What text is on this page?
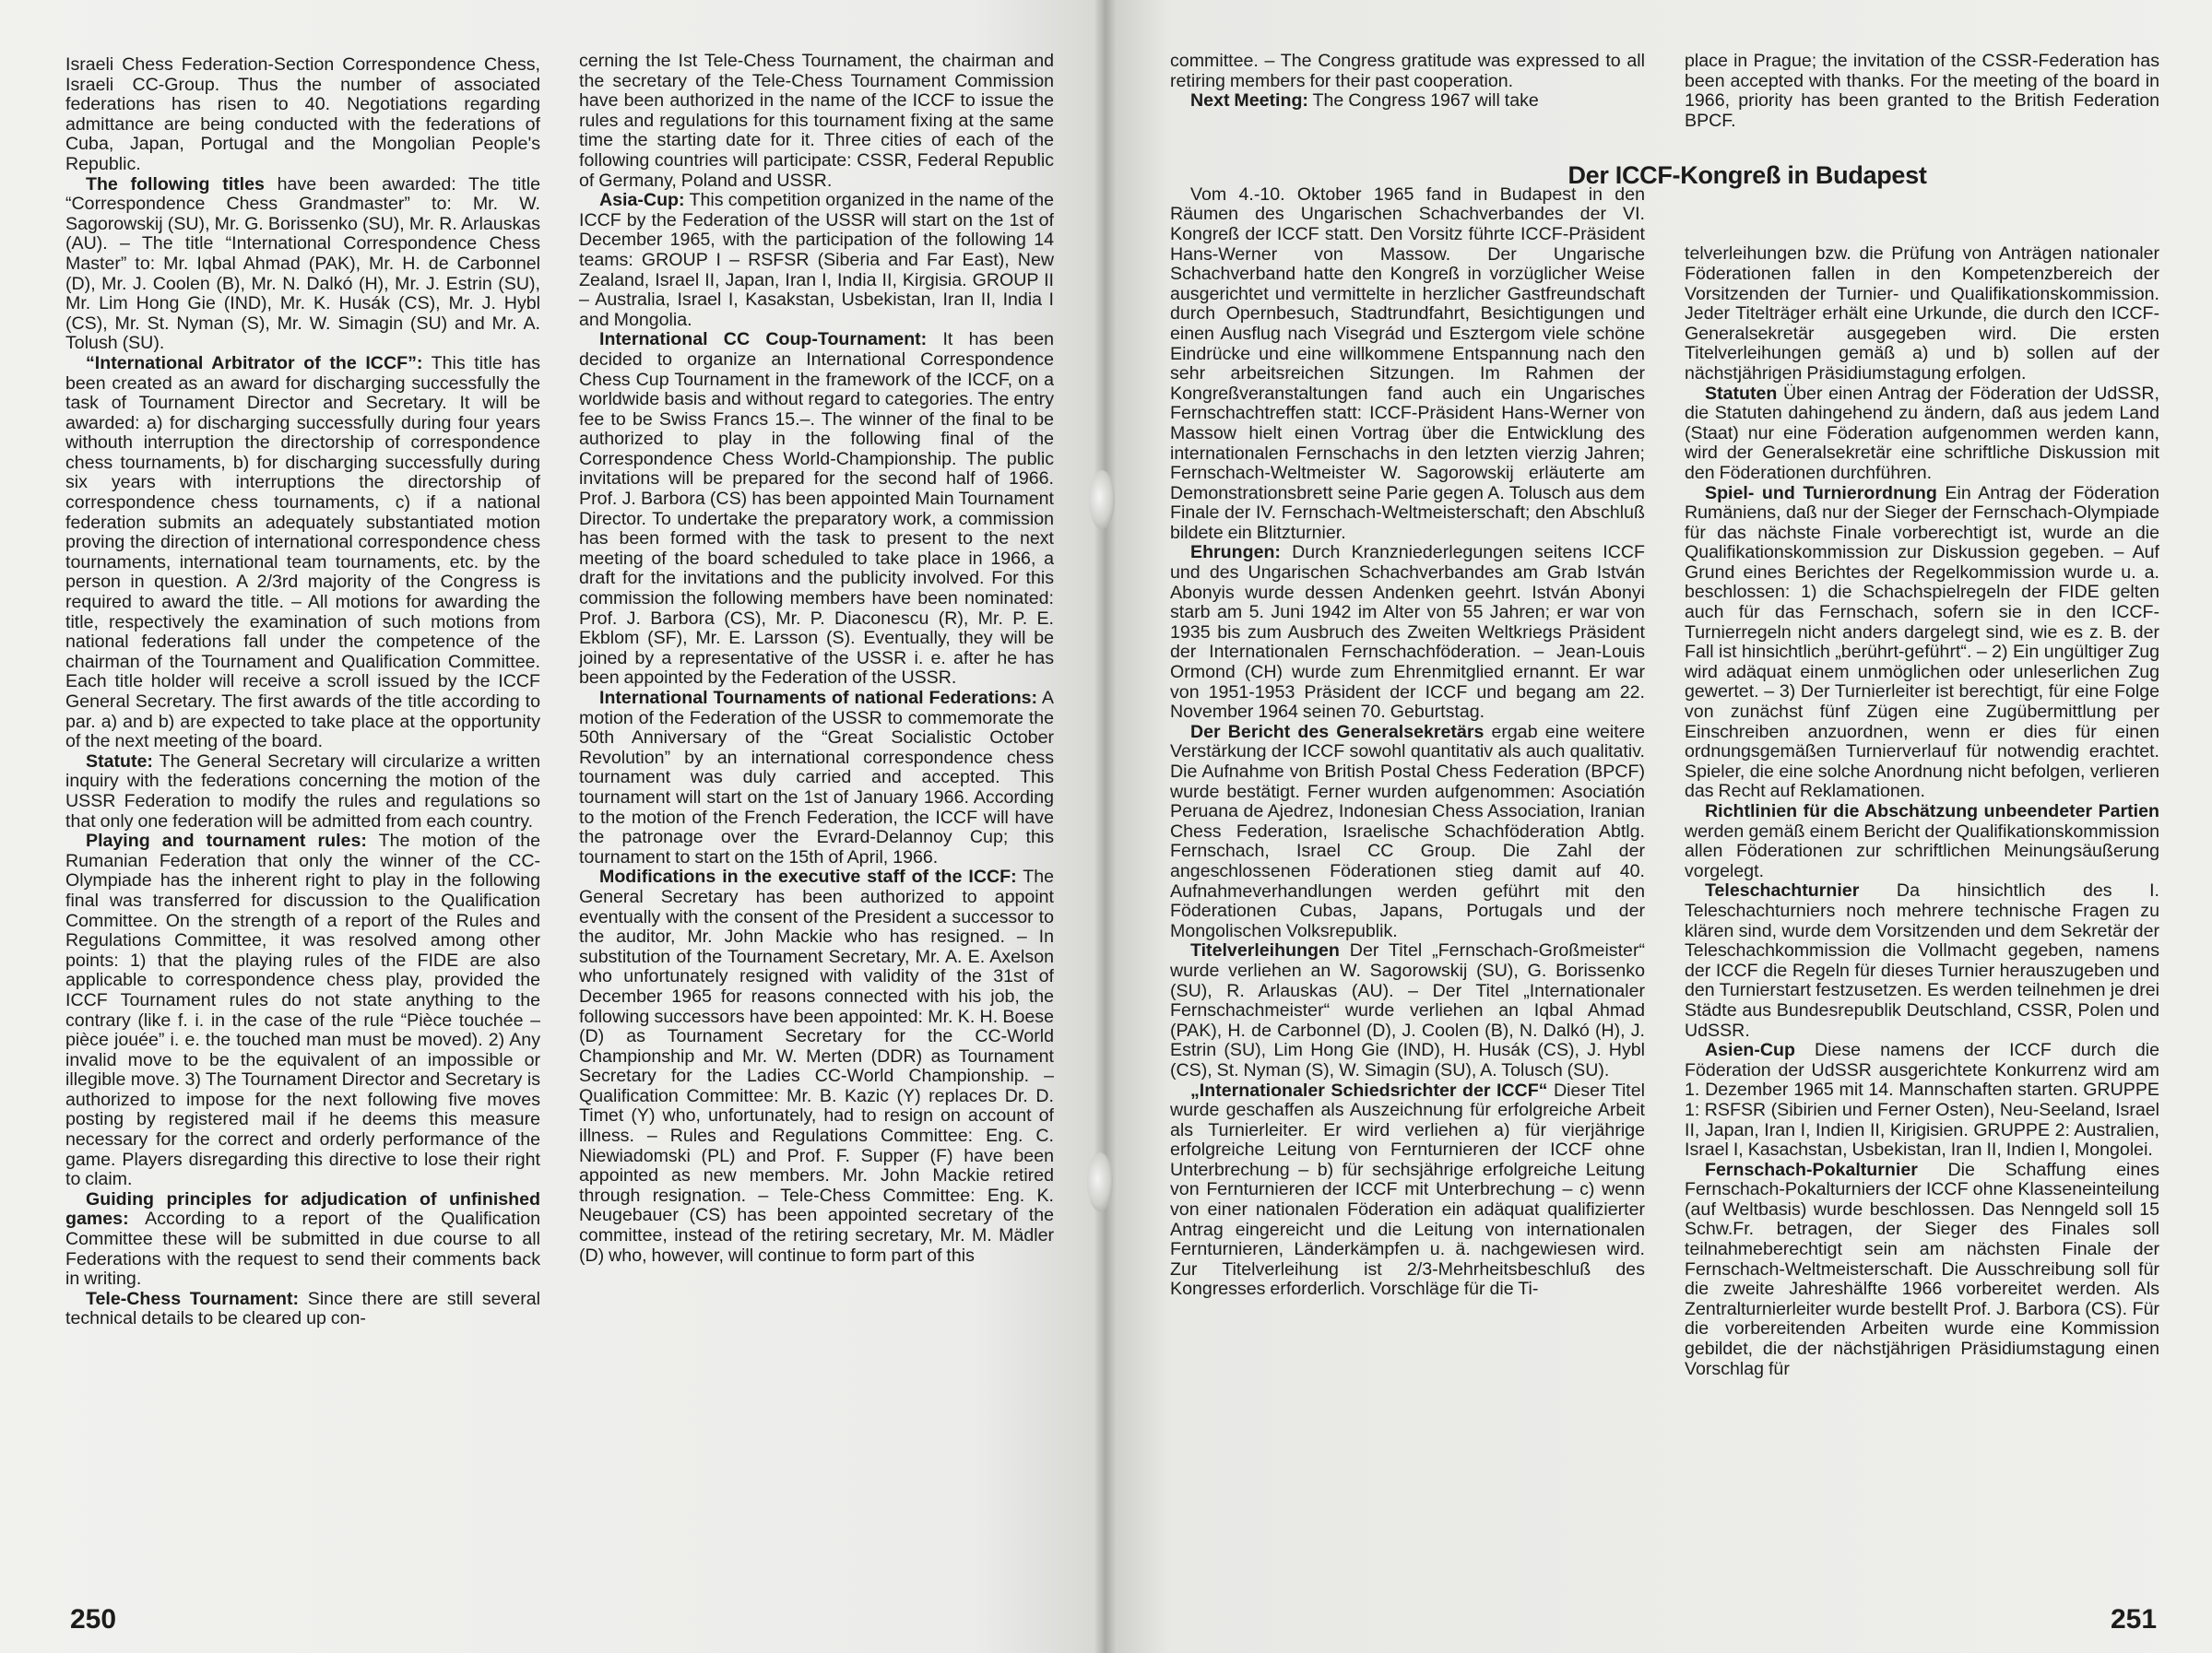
Israeli Chess Federation-Section Correspondence Chess, Israeli CC-Group. Thus the number of associated federations has risen to 40. Negotiations regarding admittance are being conducted with the federations of Cuba, Japan, Portugal and the Mongolian People's Republic.

The following titles have been awarded: The title “Correspondence Chess Grandmaster” to: Mr. W. Sagorowskij (SU), Mr. G. Borissenko (SU), Mr. R. Arlauskas (AU). – The title “International Correspondence Chess Master” to: Mr. Iqbal Ahmad (PAK), Mr. H. de Carbonnel (D), Mr. J. Coolen (B), Mr. N. Dalkó (H), Mr. J. Estrin (SU), Mr. Lim Hong Gie (IND), Mr. K. Husák (CS), Mr. J. Hybl (CS), Mr. St. Nyman (S), Mr. W. Simagin (SU) and Mr. A. Tolush (SU).

“International Arbitrator of the ICCF”: This title has been created as an award for discharging successfully the task of Tournament Director and Secretary. It will be awarded: a) for discharging successfully during four years withouth interruption the directorship of correspondence chess tournaments, b) for discharging successfully during six years with interruptions the directorship of correspondence chess tournaments, c) if a national federation submits an adequately substantiated motion proving the direction of international correspondence chess tournaments, international team tournaments, etc. by the person in question. A 2/3rd majority of the Congress is required to award the title. – All motions for awarding the title, respectively the examination of such motions from national federations fall under the competence of the chairman of the Tournament and Qualification Committee. Each title holder will receive a scroll issued by the ICCF General Secretary. The first awards of the title according to par. a) and b) are expected to take place at the opportunity of the next meeting of the board.

Statute: The General Secretary will circularize a written inquiry with the federations concerning the motion of the USSR Federation to modify the rules and regulations so that only one federation will be admitted from each country.

Playing and tournament rules: The motion of the Rumanian Federation that only the winner of the CC-Olympiade has the inherent right to play in the following final was transferred for discussion to the Qualification Committee. On the strength of a report of the Rules and Regulations Committee, it was resolved among other points: 1) that the playing rules of the FIDE are also applicable to correspondence chess play, provided the ICCF Tournament rules do not state anything to the contrary (like f. i. in the case of the rule “Pièce touchée – pièce jouée” i. e. the touched man must be moved). 2) Any invalid move to be the equivalent of an impossible or illegible move. 3) The Tournament Director and Secretary is authorized to impose for the next following five moves posting by registered mail if he deems this measure necessary for the correct and orderly performance of the game. Players disregarding this directive to lose their right to claim.

Guiding principles for adjudication of unfinished games: According to a report of the Qualification Committee these will be submitted in due course to all Federations with the request to send their comments back in writing.

Tele-Chess Tournament: Since there are still several technical details to be cleared up con-

cerning the Ist Tele-Chess Tournament, the chairman and the secretary of the Tele-Chess Tournament Commission have been authorized in the name of the ICCF to issue the rules and regulations for this tournament fixing at the same time the starting date for it. Three cities of each of the following countries will participate: CSSR, Federal Republic of Germany, Poland and USSR.

Asia-Cup: This competition organized in the name of the ICCF by the Federation of the USSR will start on the 1st of December 1965, with the participation of the following 14 teams: GROUP I – RSFSR (Siberia and Far East), New Zealand, Israel II, Japan, Iran I, India II, Kirgisia. GROUP II – Australia, Israel I, Kasakstan, Usbekistan, Iran II, India I and Mongolia.

International CC Coup-Tournament: It has been decided to organize an International Correspondence Chess Cup Tournament in the framework of the ICCF, on a worldwide basis and without regard to categories. The entry fee to be Swiss Francs 15.–. The winner of the final to be authorized to play in the following final of the Correspondence Chess World-Championship. The public invitations will be prepared for the second half of 1966. Prof. J. Barbora (CS) has been appointed Main Tournament Director. To undertake the preparatory work, a commission has been formed with the task to present to the next meeting of the board scheduled to take place in 1966, a draft for the invitations and the publicity involved. For this commission the following members have been nominated: Prof. J. Barbora (CS), Mr. P. Diaconescu (R), Mr. P. E. Ekblom (SF), Mr. E. Larsson (S). Eventually, they will be joined by a representative of the USSR i. e. after he has been appointed by the Federation of the USSR.

International Tournaments of national Federations: A motion of the Federation of the USSR to commemorate the 50th Anniversary of the “Great Socialistic October Revolution” by an international correspondence chess tournament was duly carried and accepted. This tournament will start on the 1st of January 1966. According to the motion of the French Federation, the ICCF will have the patronage over the Evrard-Delannoy Cup; this tournament to start on the 15th of April, 1966.

Modifications in the executive staff of the ICCF: The General Secretary has been authorized to appoint eventually with the consent of the President a successor to the auditor, Mr. John Mackie who has resigned. – In substitution of the Tournament Secretary, Mr. A. E. Axelson who unfortunately resigned with validity of the 31st of December 1965 for reasons connected with his job, the following successors have been appointed: Mr. K. H. Boese (D) as Tournament Secretary for the CC-World Championship and Mr. W. Merten (DDR) as Tournament Secretary for the Ladies CC-World Championship. – Qualification Committee: Mr. B. Kazic (Y) replaces Dr. D. Timet (Y) who, unfortunately, had to resign on account of illness. – Rules and Regulations Committee: Eng. C. Niewiadomski (PL) and Prof. F. Supper (F) have been appointed as new members. Mr. John Mackie retired through resignation. – Tele-Chess Committee: Eng. K. Neugebauer (CS) has been appointed secretary of the committee, instead of the retiring secretary, Mr. M. Mädler (D) who, however, will continue to form part of this

250

committee. – The Congress gratitude was expressed to all retiring members for their past cooperation.

Next Meeting: The Congress 1967 will take

Vom 4.-10. Oktober 1965 fand in Budapest in den Räumen des Ungarischen Schachverbandes der VI. Kongreß der ICCF statt. Den Vorsitz führte ICCF-Präsident Hans-Werner von Massow. Der Ungarische Schachverband hatte den Kongreß in vorzüglicher Weise ausgerichtet und vermittelte in herzlicher Gastfreundschaft durch Opernbesuch, Stadtrundfahrt, Besichtigungen und einen Ausflug nach Visegrád und Esztergom viele schöne Eindrücke und eine willkommene Entspannung nach den sehr arbeitsreichen Sitzungen. Im Rahmen der Kongreßveranstaltungen fand auch ein Ungarisches Fernschachtreffen statt: ICCF-Präsident Hans-Werner von Massow hielt einen Vortrag über die Entwicklung des internationalen Fernschachs in den letzten vierzig Jahren; Fernschach-Weltmeister W. Sagorowskij erläuterte am Demonstrationsbrett seine Parie gegen A. Tolusch aus dem Finale der IV. Fernschach-Weltmeisterschaft; den Abschluß bildete ein Blitzturnier.

Ehrungen: Durch Kranzniederlegungen seitens ICCF und des Ungarischen Schachverbandes am Grab István Abonyis wurde dessen Andenken geehrt. István Abonyi starb am 5. Juni 1942 im Alter von 55 Jahren; er war von 1935 bis zum Ausbruch des Zweiten Weltkriegs Präsident der Internationalen Fernschachföderation. – Jean-Louis Ormond (CH) wurde zum Ehrenmitglied ernannt. Er war von 1951-1953 Präsident der ICCF und begang am 22. November 1964 seinen 70. Geburtstag.

Der Bericht des Generalsekretärs ergab eine weitere Verstärkung der ICCF sowohl quantitativ als auch qualitativ. Die Aufnahme von British Postal Chess Federation (BPCF) wurde bestätigt. Ferner wurden aufgenommen: Asociatión Peruana de Ajedrez, Indonesian Chess Association, Iranian Chess Federation, Israelische Schachföderation Abtlg. Fernschach, Israel CC Group. Die Zahl der angeschlossenen Föderationen stieg damit auf 40. Aufnahmeverhandlungen werden geführt mit den Föderationen Cubas, Japans, Portugals und der Mongolischen Volksrepublik.

Titelverleihungen Der Titel „Fernschach-Großmeister“ wurde verliehen an W. Sagorowskij (SU), G. Borissenko (SU), R. Arlauskas (AU). – Der Titel „Internationaler Fernschachmeister“ wurde verliehen an Iqbal Ahmad (PAK), H. de Carbonnel (D), J. Coolen (B), N. Dalkó (H), J. Estrin (SU), Lim Hong Gie (IND), H. Husák (CS), J. Hybl (CS), St. Nyman (S), W. Simagin (SU), A. Tolusch (SU).

„Internationaler Schiedsrichter der ICCF“ Dieser Titel wurde geschaffen als Auszeichnung für erfolgreiche Arbeit als Turnierleiter. Er wird verliehen a) für vierjährige erfolgreiche Leitung von Fernturnieren der ICCF ohne Unterbrechung – b) für sechsjährige erfolgreiche Leitung von Fernturnieren der ICCF mit Unterbrechung – c) wenn von einer nationalen Föderation ein adäquat qualifizierter Antrag eingereicht und die Leitung von internationalen Fernturnieren, Länderkämpfen u. ä. nachgewiesen wird. Zur Titelverleihung ist 2/3-Mehrheitsbeschluß des Kongresses erforderlich. Vorschläge für die Ti-

place in Prague; the invitation of the CSSR-Federation has been accepted with thanks. For the meeting of the board in 1966, priority has been granted to the British Federation BPCF.

telverleihungen bzw. die Prüfung von Anträgen nationaler Föderationen fallen in den Kompetenzbereich der Vorsitzenden der Turnier- und Qualifikationskommission. Jeder Titelträger erhält eine Urkunde, die durch den ICCF-Generalsekretär ausgegeben wird. Die ersten Titelverleihungen gemäß a) und b) sollen auf der nächstjährigen Präsidiumstagung erfolgen.

Statuten Über einen Antrag der Föderation der UdSSR, die Statuten dahingehend zu ändern, daß aus jedem Land (Staat) nur eine Föderation aufgenommen werden kann, wird der Generalsekretär eine schriftliche Diskussion mit den Föderationen durchführen.

Spiel- und Turnierordnung Ein Antrag der Föderation Rumäniens, daß nur der Sieger der Fernschach-Olympiade für das nächste Finale vorberechtigt ist, wurde an die Qualifikationskommission zur Diskussion gegeben. – Auf Grund eines Berichtes der Regelkommission wurde u. a. beschlossen: 1) die Schachspielregeln der FIDE gelten auch für das Fernschach, sofern sie in den ICCF-Turnierregeln nicht anders dargelegt sind, wie es z. B. der Fall ist hinsichtlich „berührt-geführt“. – 2) Ein ungültiger Zug wird adäquat einem unmöglichen oder unleserlichen Zug gewertet. – 3) Der Turnierleiter ist berechtigt, für eine Folge von zunächst fünf Zügen eine Zugübermittlung per Einschreiben anzuordnen, wenn er dies für einen ordnungsgemäßen Turnierverlauf für notwendig erachtet. Spieler, die eine solche Anordnung nicht befolgen, verlieren das Recht auf Reklamationen.

Richtlinien für die Abschätzung unbeendeter Partien werden gemäß einem Bericht der Qualifikationskommission allen Föderationen zur schriftlichen Meinungsäußerung vorgelegt.

Teleschachturnier Da hinsichtlich des I. Teleschachturniers noch mehrere technische Fragen zu klären sind, wurde dem Vorsitzenden und dem Sekretär der Teleschachkommission die Vollmacht gegeben, namens der ICCF die Regeln für dieses Turnier herauszugeben und den Turnierstart festzusetzen. Es werden teilnehmen je drei Städte aus Bundesrepublik Deutschland, CSSR, Polen und UdSSR.

Asien-Cup Diese namens der ICCF durch die Föderation der UdSSR ausgerichtete Konkurrenz wird am 1. Dezember 1965 mit 14. Mannschaften starten. GRUPPE 1: RSFSR (Sibirien und Ferner Osten), Neu-Seeland, Israel II, Japan, Iran I, Indien II, Kirigisien. GRUPPE 2: Australien, Israel I, Kasachstan, Usbekistan, Iran II, Indien I, Mongolei.

Fernschach-Pokalturnier Die Schaffung eines Fernschach-Pokalturniers der ICCF ohne Klasseneinteilung (auf Weltbasis) wurde beschlossen. Das Nenngeld soll 15 Schw.Fr. betragen, der Sieger des Finales soll teilnahmeberechtigt sein am nächsten Finale der Fernschach-Weltmeisterschaft. Die Ausschreibung soll für die zweite Jahreshälfte 1966 vorbereitet werden. Als Zentralturnierleiter wurde bestellt Prof. J. Barbora (CS). Für die vorbereitenden Arbeiten wurde eine Kommission gebildet, die der nächstjährigen Präsidiumstagung einen Vorschlag für

251
Der ICCF-Kongreß in Budapest
